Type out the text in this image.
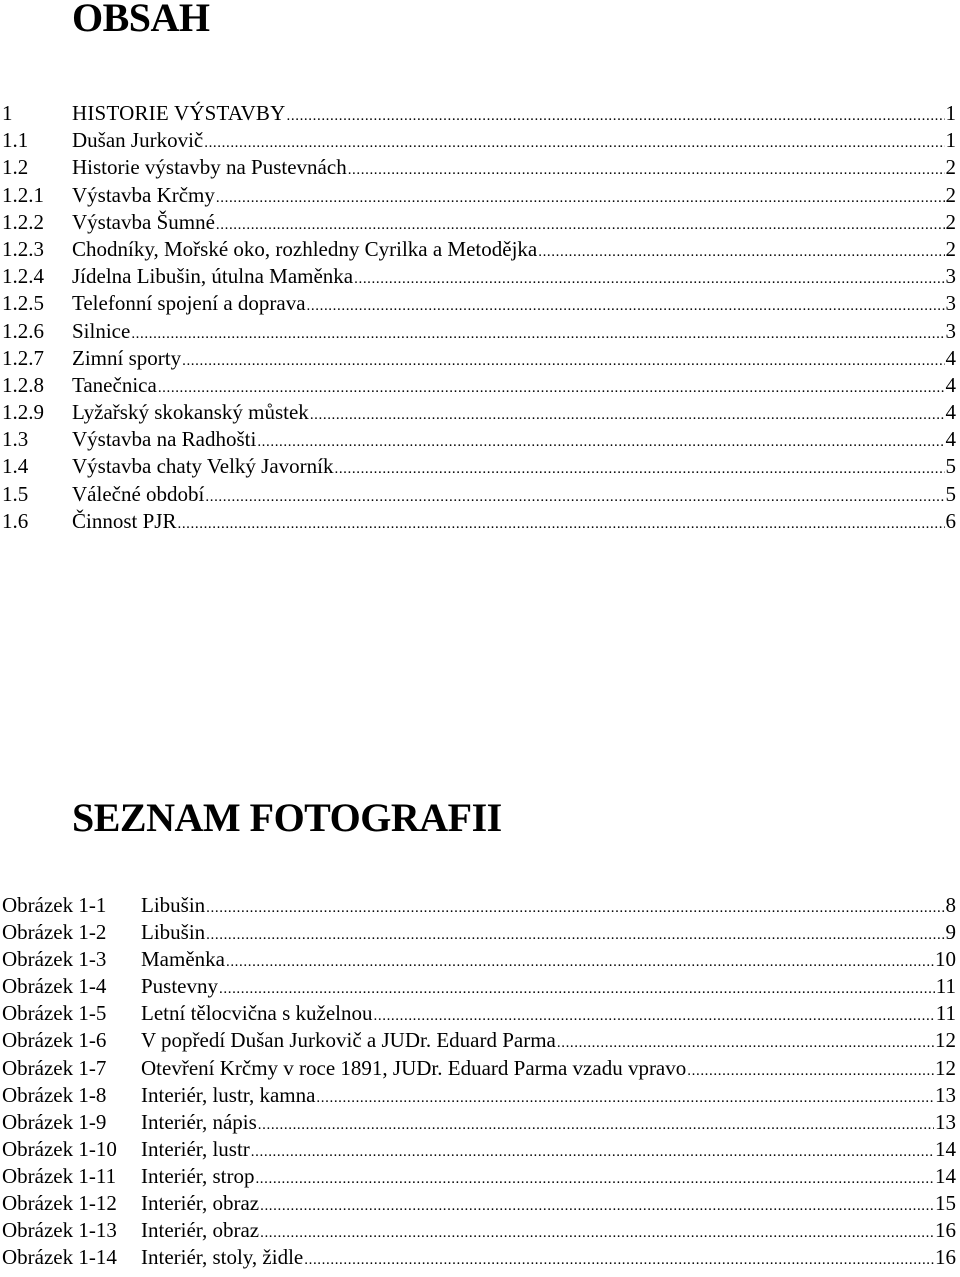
OBSAH
1	HISTORIE VÝSTAVBY .....	1
1.1	Dušan Jurkovič .....	1
1.2	Historie výstavby na Pustevnách .....	2
1.2.1	Výstavba Krčmy .....	2
1.2.2	Výstavba Šumné .....	2
1.2.3	Chodníky, Mořské oko, rozhledny Cyrilka a Metodějka .....	2
1.2.4	Jídelna Libušin, útulna Maměnka .....	3
1.2.5	Telefonní spojení a doprava .....	3
1.2.6	Silnice .....	3
1.2.7	Zimní sporty .....	4
1.2.8	Tanečnica .....	4
1.2.9	Lyžařský skokanský můstek .....	4
1.3	Výstavba na Radhošti .....	4
1.4	Výstavba chaty Velký Javorník .....	5
1.5	Válečné období .....	5
1.6	Činnost PJR .....	6
SEZNAM FOTOGRAFII
Obrázek 1-1	Libušin .....	8
Obrázek 1-2	Libušin .....	9
Obrázek 1-3	Maměnka .....	10
Obrázek 1-4	Pustevny .....	11
Obrázek 1-5	Letní tělocvična s kuželnou .....	11
Obrázek 1-6	V popředí Dušan Jurkovič a JUDr. Eduard Parma .....	12
Obrázek 1-7	Otevření Krčmy v roce 1891, JUDr. Eduard Parma vzadu vpravo .....	12
Obrázek 1-8	Interiér, lustr, kamna .....	13
Obrázek 1-9	Interiér, nápis .....	13
Obrázek 1-10	Interiér, lustr .....	14
Obrázek 1-11	Interiér, strop .....	14
Obrázek 1-12	Interiér, obraz .....	15
Obrázek 1-13	Interiér, obraz .....	16
Obrázek 1-14	Interiér, stoly, židle .....	16
